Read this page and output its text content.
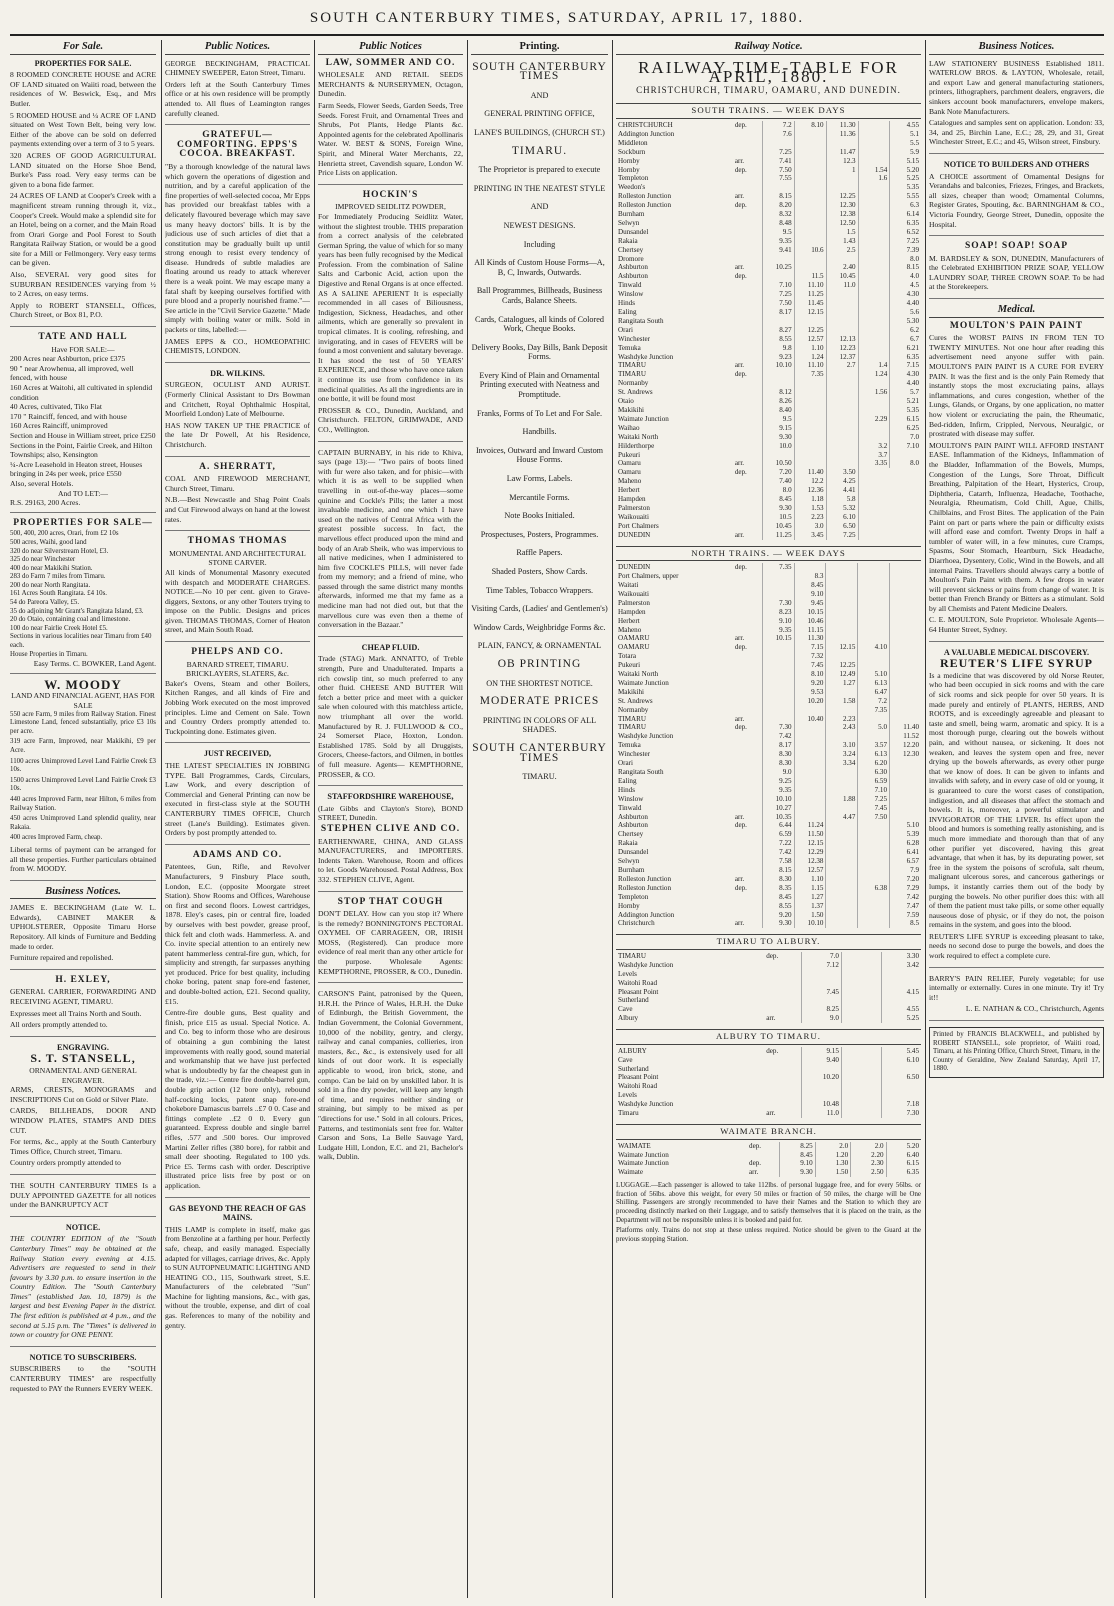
SOUTH CANTERBURY TIMES, SATURDAY, APRIL 17, 1880.
For Sale.
PROPERTIES FOR SALE.

8 ROOMED CONCRETE HOUSE and ACRE OF LAND situated on Waiiti road, between the residences of W. Beswick, Esq., and Mrs Butler.

5 ROOMED HOUSE and ¼ ACRE OF LAND situated on West Town Belt, being very low. Either of the above can be sold on deferred payments extending over a term of 3 to 5 years.

320 ACRES OF GOOD AGRICULTURAL LAND situated on the Horse Shoe Bend, Burke's Pass road. Very easy terms can be given to a bona fide farmer.

24 ACRES OF LAND at Cooper's Creek with a magnificent stream running through it, viz., Cooper's Creek. Would make a splendid site for an Hotel, being on a corner, and the Main Road from Orari Gorge and Pool Forest to South Rangitata Railway Station, or would be a good site for a Mill or Fellmongery. Very easy terms can be given.

Also, SEVERAL very good sites for SUBURBAN RESIDENCES varying from ½ to 2 Acres, on easy terms.

Apply to ROBERT STANSELL, Offices, Church Street, or Box 81, P.O.

TATE AND HALL
Have FOR SALE:—
200 Acres near Ashburton, price £375
90 " near Arowhenua, all improved, well fenced, with house
160 Acres at Waitohi, all cultivated in splendid condition
40 Acres, cultivated, Tiko Flat
170 " Rainciff, fenced, and with house
160 Acres Rainciff, unimproved
Section and House in William street, price £250
Sections in the Point, Fairlie Creek, and Hilton Townships; also, Kensington
¼-Acre Leasehold in Heaton street, Houses bringing in 24s per week, price £550
Also, several Hotels.
And TO LET:—
R.S. 29163, 200 Acres.
PROPERTIES FOR SALE—
500, 400, 200 acres, Orari, from £2 10s
500 acres, Waihi, good land
320 do near Silverstream Hotel, £3.
325 do near Winchester
400 do near Makikihi Station.
283 do Farm 7 miles from Timaru.
200 do near North Rangitata.
161 Acres South Rangitata. £4 10s.
54 do Pareora Valley, £5.
35 do adjoining Mr Grant's Rangitata Island, £3.
20 do Otaio, containing coal and limestone.
100 do near Fairlie Creek Hotel £5.
Sections in various localities near Timaru from £40 each.
House Properties in Timaru.
Easy Terms. C. BOWKER, Land Agent.
W. MOODY
LAND AND FINANCIAL AGENT, HAS FOR SALE

550 acre Farm, 9 miles from Railway Station. Finest Limestone Land, fenced substantially, price £3 10s per acre.

319 acre Farm, Improved, near Makikihi, £9 per Acre.

1100 acres Unimproved Level Land Fairlie Creek £3 10s.

1500 acres Unimproved Level Land Fairlie Creek £3 10s.

440 acres Improved Farm, near Hilton, 6 miles from Railway Station.

450 acres Unimproved Land splendid quality, near Rakaia.

400 acres Improved Farm, cheap.

Liberal terms of payment can be arranged for all these properties. Further particulars obtained from W. MOODY.

Business Notices.

JAMES E. BECKINGHAM (Late W. L. Edwards), CABINET MAKER & UPHOLSTERER, Opposite Timaru Horse Repository. All kinds of Furniture and Bedding made to order.

Furniture repaired and repolished.

H. EXLEY,

GENERAL CARRIER, FORWARDING AND RECEIVING AGENT, TIMARU.

Expresses meet all Trains North and South.

All orders promptly attended to.

ENGRAVING.
S. T. STANSELL,
ORNAMENTAL AND GENERAL ENGRAVER.

ARMS, CRESTS, MONOGRAMS and INSCRIPTIONS Cut on Gold or Silver Plate.

CARDS, BILLHEADS, DOOR AND WINDOW PLATES, STAMPS AND DIES CUT.

For terms, &c., apply at the South Canterbury Times Office, Church street, Timaru.

Country orders promptly attended to

THE SOUTH CANTERBURY TIMES Is a DULY APPOINTED GAZETTE for all notices under the BANKRUPTCY ACT

NOTICE.

THE COUNTRY EDITION of the "South Canterbury Times" may be obtained at the Railway Station every evening at 4.15. Advertisers are requested to send in their favours by 3.30 p.m. to ensure insertion in the Country Edition. The "South Canterbury Times" (established Jan. 10, 1879) is the largest and best Evening Paper in the district. The first edition is published at 4 p.m., and the second at 5.15 p.m. The "Times" is delivered in town or country for ONE PENNY.

NOTICE TO SUBSCRIBERS.

SUBSCRIBERS to the "SOUTH CANTERBURY TIMES" are respectfully requested to PAY the Runners EVERY WEEK.

Public Notices.

GEORGE BECKINGHAM, PRACTICAL CHIMNEY SWEEPER, Eaton Street, Timaru.

Orders left at the South Canterbury Times office or at his own residence will be promptly attended to. All flues of Leamington ranges carefully cleaned.

GRATEFUL—COMFORTING. EPPS'S COCOA. BREAKFAST.

"By a thorough knowledge of the natural laws which govern the operations of digestion and nutrition, and by a careful application of the fine properties of well-selected cocoa, Mr Epps has provided our breakfast tables with a delicately flavoured beverage which may save us many heavy doctors' bills. It is by the judicious use of such articles of diet that a constitution may be gradually built up until strong enough to resist every tendency of disease. Hundreds of subtle maladies are floating around us ready to attack wherever there is a weak point. We may escape many a fatal shaft by keeping ourselves fortified with pure blood and a properly nourished frame."—See article in the "Civil Service Gazette." Made simply with boiling water or milk. Sold in packets or tins, labelled:—

JAMES EPPS & CO., HOMŒOPATHIC CHEMISTS, LONDON.

DR. WILKINS.

SURGEON, OCULIST AND AURIST. (Formerly Clinical Assistant to Drs Bowman and Critchett, Royal Ophthalmic Hospital, Moorfield London) Late of Melbourne.

HAS NOW TAKEN UP THE PRACTICE of the late Dr Powell, At his Residence, Christchurch.

A. SHERRATT,

COAL AND FIREWOOD MERCHANT, Church Street, Timaru.

N.B.—Best Newcastle and Shag Point Coals and Cut Firewood always on hand at the lowest rates.

THOMAS THOMAS
MONUMENTAL AND ARCHITECTURAL STONE CARVER.

All kinds of Monumental Masonry executed with despatch and MODERATE CHARGES. NOTICE.—No 10 per cent. given to Grave-diggers, Sextons, or any other Touters trying to impose on the Public. Designs and prices given. THOMAS THOMAS, Corner of Heaton street, and Main South Road.

PHELPS AND CO.
BARNARD STREET, TIMARU. BRICKLAYERS, SLATERS, &c.

Baker's Ovens, Steam and other Boilers, Kitchen Ranges, and all kinds of Fire and Jobbing Work executed on the most improved principles. Lime and Cement on Sale. Town and Country Orders promptly attended to. Tuckpointing done. Estimates given.

JUST RECEIVED,

THE LATEST SPECIALTIES IN JOBBING TYPE. Ball Programmes, Cards, Circulars, Law Work, and every description of Commercial and General Printing can now be executed in first-class style at the SOUTH CANTERBURY TIMES OFFICE, Church street (Lane's Building). Estimates given. Orders by post promptly attended to.

ADAMS AND CO.

Patentees, Gun, Rifle, and Revolver Manufacturers, 9 Finsbury Place south, London, E.C. (opposite Moorgate street Station). Show Rooms and Offices, Warehouse on first and second floors. Lowest cartridges, 1878. Eley's cases, pin or central fire, loaded by ourselves with best powder, grease proof, thick felt and cloth wads. Hammerless. A. and Co. invite special attention to an entirely new patent hammerless central-fire gun, which, for simplicity and strength, far surpasses anything yet produced. Price for best quality, including choke boring, patent snap fore-end fastener, and double-bolted action, £21. Second quality, £15.

Centre-fire double guns, Best quality and finish, price £15 as usual. Special Notice. A. and Co. beg to inform those who are desirous of obtaining a gun combining the latest improvements with really good, sound material and workmanship that we have just perfected what is undoubtedly by far the cheapest gun in the trade, viz.:— Centre fire double-barrel gun, double grip action (12 bore only), rebound half-cocking locks, patent snap fore-end chokebore Damascus barrels ..£7 0 0. Case and fittings complete ..£2 0 0. Every gun guaranteed. Express double and single barrel rifles, .577 and .500 bores. Our improved Martini Zeller rifles (380 bore), for rabbit and small deer shooting. Regulated to 100 yds. Price £5. Terms cash with order. Descriptive illustrated price lists free by post or on application.

GAS BEYOND THE REACH OF GAS MAINS.

THIS LAMP is complete in itself, make gas from Benzoline at a farthing per hour. Perfectly safe, cheap, and easily managed. Especially adapted for villages, carriage drives, &c. Apply to SUN AUTOPNEUMATIC LIGHTING AND HEATING CO., 115, Southwark street, S.E. Manufacturers of the celebrated "Sun" Machine for lighting mansions, &c., with gas, without the trouble, expense, and dirt of coal gas. References to many of the nobility and gentry.

Public Notices
LAW, SOMMER AND CO.

WHOLESALE AND RETAIL SEEDS MERCHANTS & NURSERYMEN, Octagon, Dunedin.

Farm Seeds, Flower Seeds, Garden Seeds, Tree Seeds. Forest Fruit, and Ornamental Trees and Shrubs, Pot Plants, Hedge Plants &c. Appointed agents for the celebrated Apollinaris Water. W. BEST & SONS, Foreign Wine, Spirit, and Mineral Water Merchants, 22, Henrietta street, Cavendish square, London W. Price Lists on application.

HOCKIN'S
IMPROVED SEIDLITZ POWDER,

For Immediately Producing Seidlitz Water, without the slightest trouble. THIS preparation from a correct analysis of the celebrated German Spring, the value of which for so many years has been fully recognised by the Medical Profession. From the combination of Saline Salts and Carbonic Acid, action upon the Digestive and Renal Organs is at once effected. AS A SALINE APERIENT It is especially recommended in all cases of Biliousness, Indigestion, Sickness, Headaches, and other ailments, which are generally so prevalent in tropical climates. It is cooling, refreshing, and invigorating, and in cases of FEVERS will be found a most convenient and salutary beverage. It has stood the test of 50 YEARS' EXPERIENCE, and those who have once taken it continue its use from confidence in its medicinal qualities. As all the ingredients are in one bottle, it will be found most

PROSSER & CO., Dunedin, Auckland, and Christchurch. FELTON, GRIMWADE, AND CO., Wellington.

CAPTAIN BURNABY, in his ride to Khiva, says (page 13):— "Two pairs of boots lined with fur were also taken, and for phisic—with which it is as well to be supplied when travelling in out-of-the-way places—some quinine and Cockle's Pills; the latter a most invaluable medicine, and one which I have used on the natives of Central Africa with the greatest possible success. In fact, the marvellous effect produced upon the mind and body of an Arab Sheik, who was impervious to all native medicines, when I administered to him five COCKLE'S PILLS, will never fade from my memory; and a friend of mine, who passed through the same district many months afterwards, informed me that my fame as a medicine man had not died out, but that the marvellous cure was even then a theme of conversation in the Bazaar."

CHEAP FLUID.

Trade (STAG) Mark. ANNATTO, of Treble strength, Pure and Unadulterated. Imparts a rich cowslip tint, so much preferred to any other fluid. CHEESE AND BUTTER Will fetch a better price and meet with a quicker sale when coloured with this matchless article, now triumphant all over the world. Manufactured by R. J. FULLWOOD & CO., 24 Somerset Place, Hoxton, London. Established 1785. Sold by all Druggists, Grocers, Cheese-factors, and Oilmen, in bottles of full measure. Agents— KEMPTHORNE, PROSSER, & CO.

STAFFORDSHIRE WAREHOUSE,

(Late Gibbs and Clayton's Store), BOND STREET, Dunedin.

STEPHEN CLIVE AND CO.

EARTHENWARE, CHINA, AND GLASS MANUFACTURERS, and IMPORTERS. Indents Taken. Warehouse, Room and offices to let. Goods Warehoused. Postal Address, Box 332. STEPHEN CLIVE, Agent.

STOP THAT COUGH

DON'T DELAY. How can you stop it? Where is the remedy? BONNINGTON'S PECTORAL OXYMEL OF CARRAGEEN, OR, IRISH MOSS, (Registered). Can produce more evidence of real merit than any other article for the purpose. Wholesale Agents: KEMPTHORNE, PROSSER, & CO., Dunedin.

CARSON'S Paint, patronised by the Queen, H.R.H. the Prince of Wales, H.R.H. the Duke of Edinburgh, the British Government, the Indian Government, the Colonial Government, 10,000 of the nobility, gentry, and clergy, railway and canal companies, collieries, iron masters, &c., &c., is extensively used for all kinds of out door work. It is especially applicable to wood, iron brick, stone, and compo. Can be laid on by unskilled labor. It is sold in a fine dry powder, will keep any length of time, and requires neither sinding or straining, but simply to be mixed as per "directions for use." Sold in all colours. Prices, Patterns, and testimonials sent free for. Walter Carson and Sons, La Belle Sauvage Yard, Ludgate Hill, London, E.C. and 21, Bachelor's walk, Dublin.

Printing.
SOUTH CANTERBURY TIMES
AND
GENERAL PRINTING OFFICE,
LANE'S BUILDINGS, (CHURCH ST.)
TIMARU.
The Proprietor is prepared to execute
PRINTING IN THE NEATEST STYLE
AND
NEWEST DESIGNS.
Including
All Kinds of Custom House Forms—A, B, C, Inwards, Outwards.
Ball Programmes, Billheads, Business Cards, Balance Sheets.
Cards, Catalogues, all kinds of Colored Work, Cheque Books.
Delivery Books, Day Bills, Bank Deposit Forms.
Every Kind of Plain and Ornamental Printing executed with Neatness and Promptitude.
Franks, Forms of To Let and For Sale.
Handbills.
Invoices, Outward and Inward Custom House Forms.
Law Forms, Labels.
Mercantile Forms.
Note Books Initialed.
Prospectuses, Posters, Programmes.
Raffle Papers.
Shaded Posters, Show Cards.
Time Tables, Tobacco Wrappers.
Visiting Cards, (Ladies' and Gentlemen's)
Window Cards, Weighbridge Forms &c.
PLAIN, FANCY, & ORNAMENTAL
OB PRINTING
ON THE SHORTEST NOTICE.
MODERATE PRICES
PRINTING IN COLORS OF ALL SHADES.
SOUTH CANTERBURY TIMES
TIMARU.
Railway Notice.
RAILWAY TIME-TABLE FOR APRIL, 1880.
CHRISTCHURCH, TIMARU, OAMARU, AND DUNEDIN.
SOUTH TRAINS. — WEEK DAYS
CHRISTCHURCH	dep.	7.2	8.10	11.30		4.55
Addington Junction		7.6		11.36		5.1
Middleton						5.5
Sockburn		7.25		11.47		5.9
Hornby	arr.	7.41		12.3		5.15
Hornby	dep.	7.50		1	1.54	5.20
Templeton		7.55			1.6	5.25
Weedon's						5.35
Rolleston Junction	arr.	8.15		12.25		5.55
Rolleston Junction	dep.	8.20		12.30		6.3
Burnham		8.32		12.38		6.14
Selwyn		8.48		12.50		6.35
Dunsandel		9.5		1.5		6.52
Rakaia		9.35		1.43		7.25
Chertsey		9.41	10.6	2.5		7.39
Dromore						8.0
Ashburton	arr.	10.25		2.40		8.15
Ashburton	dep.		11.5	10.45		4.0
Tinwald		7.10	11.10	11.0		4.5
Winslow		7.25	11.25			4.30
Hinds		7.50	11.45			4.40
Ealing		8.17	12.15			5.6
Rangitata South						5.30
Orari		8.27	12.25			6.2
Winchester		8.55	12.57	12.13		6.7
Temuka		9.8	1.10	12.23		6.21
Washdyke Junction		9.23	1.24	12.37		6.35
TIMARU	arr.	10.10	11.10	2.7	1.4	7.15
TIMARU	dep.		7.35		1.24	4.30
Normanby						4.40
St. Andrews		8.12			1.56	5.7
Otaio		8.26				5.21
Makikihi		8.40				5.35
Waimate Junction		9.5			2.29	6.15
Waihao		9.15				6.25
Waitaki North		9.30				7.0
Hilderthorpe		10.0			3.2	7.10
Pukeuri					3.7	
Oamaru	arr.	10.50			3.35	8.0
Oamaru	dep.	7.20	11.40	3.50		
Maheno		7.40	12.2	4.25		
Herbert		8.0	12.36	4.41		
Hampden		8.45	1.18	5.8		
Palmerston		9.30	1.53	5.32		
Waikouaiti		10.5	2.23	6.10		
Port Chalmers		10.45	3.0	6.50		
DUNEDIN	arr.	11.25	3.45	7.25		
NORTH TRAINS. — WEEK DAYS
DUNEDIN	dep.	7.35				
Port Chalmers, upper			8.3			
Waitati			8.45			
Waikouaiti			9.10			
Palmerston		7.30	9.45			
Hampden		8.23	10.15			
Herbert		9.10	10.46			
Maheno		9.35	11.15			
OAMARU	arr.	10.15	11.30			
OAMARU	dep.		7.15	12.15	4.10	
Totara			7.32			
Pukeuri			7.45	12.25		
Waitaki North			8.10	12.49	5.10	
Waimate Junction			9.20	1.27	6.13	
Makikihi			9.53		6.47	
St. Andrews			10.20	1.58	7.2	
Normanby					7.35	
TIMARU	arr.		10.40	2.23		
TIMARU	dep.	7.30		2.43	5.0	11.40
Washdyke Junction		7.42				11.52
Temuka		8.17		3.10	3.57	12.20
Winchester		8.30		3.24	6.13	12.30
Orari		8.30		3.34	6.20	
Rangitata South		9.0			6.30	
Ealing		9.25			6.59	
Hinds		9.35			7.10	
Winslow		10.10		1.88	7.25	
Tinwald		10.27			7.45	
Ashburton	arr.	10.35		4.47	7.50	
Ashburton	dep.	6.44	11.24			5.10
Chertsey		6.59	11.50			5.39
Rakaia		7.22	12.15			6.28
Dunsandel		7.42	12.29			6.41
Selwyn		7.58	12.38			6.57
Burnham		8.15	12.57			7.9
Rolleston Junction	arr.	8.30	1.10			7.20
Rolleston Junction	dep.	8.35	1.15		6.38	7.29
Templeton		8.45	1.27			7.42
Hornby		8.55	1.37			7.47
Addington Junction		9.20	1.50			7.59
Christchurch	arr.	9.30	10.10			8.5
TIMARU TO ALBURY.
TIMARU	dep.	7.0		3.30
Washdyke Junction		7.12		3.42
Levels				
Waitohi Road				
Pleasant Point		7.45		4.15
Sutherland				
Cave		8.25		4.55
Albury	arr.	9.0		5.25
ALBURY TO TIMARU.
ALBURY	dep.	9.15		5.45
Cave		9.40		6.10
Sutherland				
Pleasant Point		10.20		6.50
Waitohi Road				
Levels				
Washdyke Junction		10.48		7.18
Timaru	arr.	11.0		7.30
WAIMATE BRANCH.
WAIMATE	dep.	8.25	2.0	2.0	5.20
Waimate Junction		8.45	1.20	2.20	6.40
Waimate Junction	dep.	9.10	1.30	2.30	6.15
Waimate	arr.	9.30	1.50	2.50	6.35

LUGGAGE.—Each passenger is allowed to take 112lbs. of personal luggage free, and for every 56lbs. or fraction of 56lbs. above this weight, for every 50 miles or fraction of 50 miles, the charge will be One Shilling. Passengers are strongly recommended to have their Names and the Station to which they are proceeding distinctly marked on their Luggage, and to satisfy themselves that it is placed on the train, as the Department will not be responsible unless it is booked and paid for.

Platforms only. Trains do not stop at these unless required. Notice should be given to the Guard at the previous stopping Station.

Business Notices.

LAW STATIONERY BUSINESS Established 1811. WATERLOW BROS. & LAYTON, Wholesale, retail, and export Law and general manufacturing stationers, printers, lithographers, parchment dealers, engravers, die sinkers account book manufacturers, envelope makers, Bank Note Manufacturers.

Catalogues and samples sent on application. London: 33, 34, and 25, Birchin Lane, E.C.; 28, 29, and 31, Great Winchester Street, E.C.; and 45, Wilson street, Finsbury.

NOTICE TO BUILDERS AND OTHERS

A CHOICE assortment of Ornamental Designs for Verandahs and balconies, Friezes, Fringes, and Brackets, all sizes, cheaper than wood; Ornamental Columns, Register Grates, Spouting, &c. BARNINGHAM & CO., Victoria Foundry, George Street, Dunedin, opposite the Hospital.

SOAP! SOAP! SOAP

M. BARDSLEY & SON, DUNEDIN, Manufacturers of the Celebrated EXHIBITION PRIZE SOAP, YELLOW LAUNDRY SOAP, THREE CROWN SOAP. To be had at the Storekeepers.

Medical.
MOULTON'S PAIN PAINT

Cures the WORST PAINS IN FROM TEN TO TWENTY MINUTES. Not one hour after reading this advertisement need anyone suffer with pain. MOULTON'S PAIN PAINT IS A CURE FOR EVERY PAIN. It was the first and is the only Pain Remedy that instantly stops the most excruciating pains, allays inflammations, and cures congestion, whether of the Lungs, Glands, or Organs, by one application, no matter how violent or excruciating the pain, the Rheumatic, Bed-ridden, Infirm, Crippled, Nervous, Neuralgic, or prostrated with disease may suffer.

MOULTON'S PAIN PAINT WILL AFFORD INSTANT EASE. Inflammation of the Kidneys, Inflammation of the Bladder, Inflammation of the Bowels, Mumps, Congestion of the Lungs, Sore Throat, Difficult Breathing, Palpitation of the Heart, Hysterics, Croup, Diphtheria, Catarrh, Influenza, Headache, Toothache, Neuralgia, Rheumatism, Cold Chill, Ague, Chills, Chilblains, and Frost Bites. The application of the Pain Paint on part or parts where the pain or difficulty exists will afford ease and comfort. Twenty Drops in half a tumbler of water will, in a few minutes, cure Cramps, Spasms, Sour Stomach, Heartburn, Sick Headache, Diarrhoea, Dysentery, Colic, Wind in the Bowels, and all internal Pains. Travellers should always carry a bottle of Moulton's Pain Paint with them. A few drops in water will prevent sickness or pains from change of water. It is better than French Brandy or Bitters as a stimulant. Sold by all Chemists and Patent Medicine Dealers.

C. E. MOULTON, Sole Proprietor. Wholesale Agents—64 Hunter Street, Sydney.

A VALUABLE MEDICAL DISCOVERY.
REUTER'S LIFE SYRUP

Is a medicine that was discovered by old Norse Reuter, who had been occupied in sick rooms and with the care of sick rooms and sick people for over 50 years. It is made purely and entirely of PLANTS, HERBS, AND ROOTS, and is exceedingly agreeable and pleasant to taste and smell, being warm, aromatic and spicy. It is a most thorough purge, clearing out the bowels without pain, and without nausea, or sickening. It does not weaken, and leaves the system open and free, never drying up the bowels afterwards, as every other purge that we know of does. It can be given to infants and invalids with safety, and in every case of old or young, it is guaranteed to cure the worst cases of constipation, indigestion, and all diseases that affect the stomach and bowels. It is, moreover, a powerful stimulator and INVIGORATOR OF THE LIVER. Its effect upon the blood and humors is something really astonishing, and is much more immediate and thorough than that of any other purifier yet discovered, having this great advantage, that when it has, by its depurating power, set free in the system the poisons of scrofula, salt rheum, malignant ulcerous sores, and cancerous gatherings or lumps, it instantly carries them out of the body by purging the bowels. No other purifier does this: with all of them the patient must take pills, or some other equally nauseous dose of physic, or if they do not, the poison remains in the system, and goes into the blood.

REUTER'S LIFE SYRUP is exceeding pleasant to take, needs no second dose to purge the bowels, and does the work required to effect a complete cure.

BARRY'S PAIN RELIEF, Purely vegetable; for use internally or externally. Cures in one minute. Try it! Try it!!

L. E. NATHAN & CO., Christchurch, Agents

Printed by FRANCIS BLACKWELL, and published by ROBERT STANSELL, sole proprietor, of Waiiti road, Timaru, at his Printing Office, Church Street, Timaru, in the County of Geraldine, New Zealand Saturday, April 17, 1880.
